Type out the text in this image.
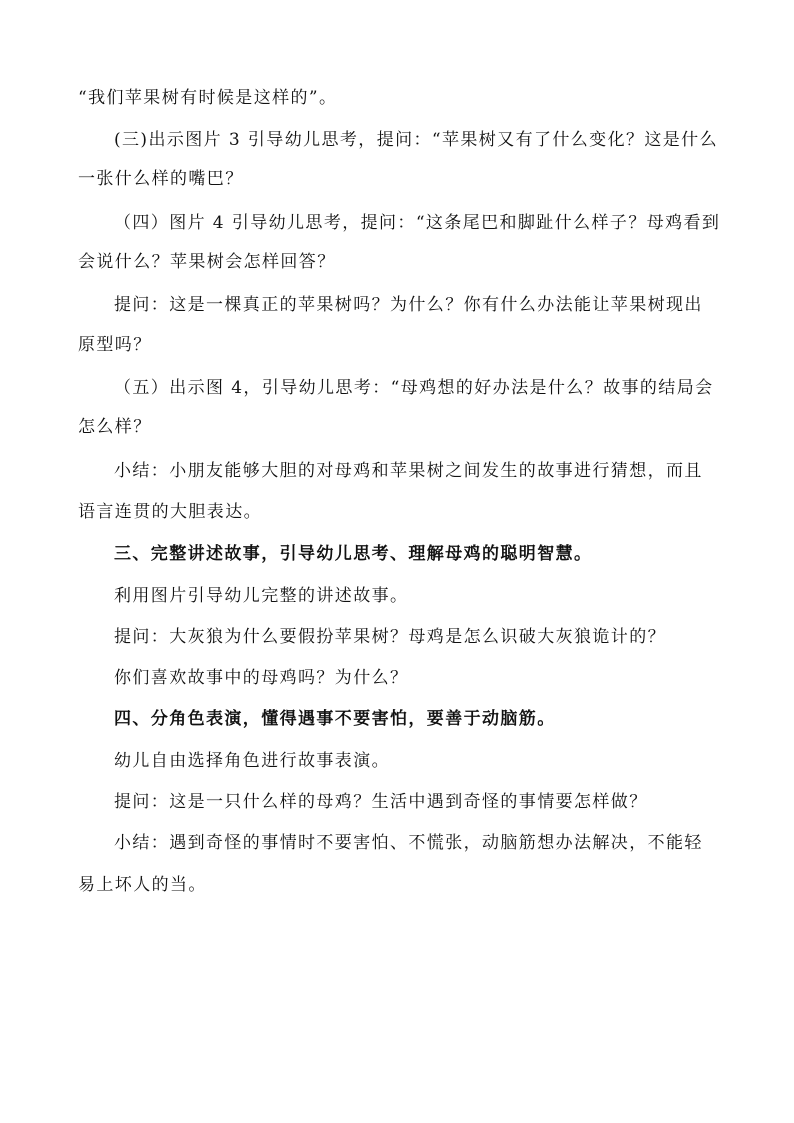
“我们苹果树有时候是这样的”。
(三)出示图片 3 引导幼儿思考，提问：“苹果树又有了什么变化？这是什么
一张什么样的嘴巴？
（四）图片 4 引导幼儿思考，提问：“这条尾巴和脚趾什么样子？母鸡看到
会说什么？苹果树会怎样回答？
提问：这是一棵真正的苹果树吗？为什么？你有什么办法能让苹果树现出
原型吗？
（五）出示图 4，引导幼儿思考：“母鸡想的好办法是什么？故事的结局会
怎么样？
小结：小朋友能够大胆的对母鸡和苹果树之间发生的故事进行猜想，而且
语言连贯的大胆表达。
三、完整讲述故事，引导幼儿思考、理解母鸡的聪明智慧。
利用图片引导幼儿完整的讲述故事。
提问：大灰狼为什么要假扮苹果树？母鸡是怎么识破大灰狼诡计的？
你们喜欢故事中的母鸡吗？为什么？
四、分角色表演，懂得遇事不要害怕，要善于动脑筋。
幼儿自由选择角色进行故事表演。
提问：这是一只什么样的母鸡？生活中遇到奇怪的事情要怎样做？
小结：遇到奇怪的事情时不要害怕、不慌张，动脑筋想办法解决，不能轻
易上坏人的当。
